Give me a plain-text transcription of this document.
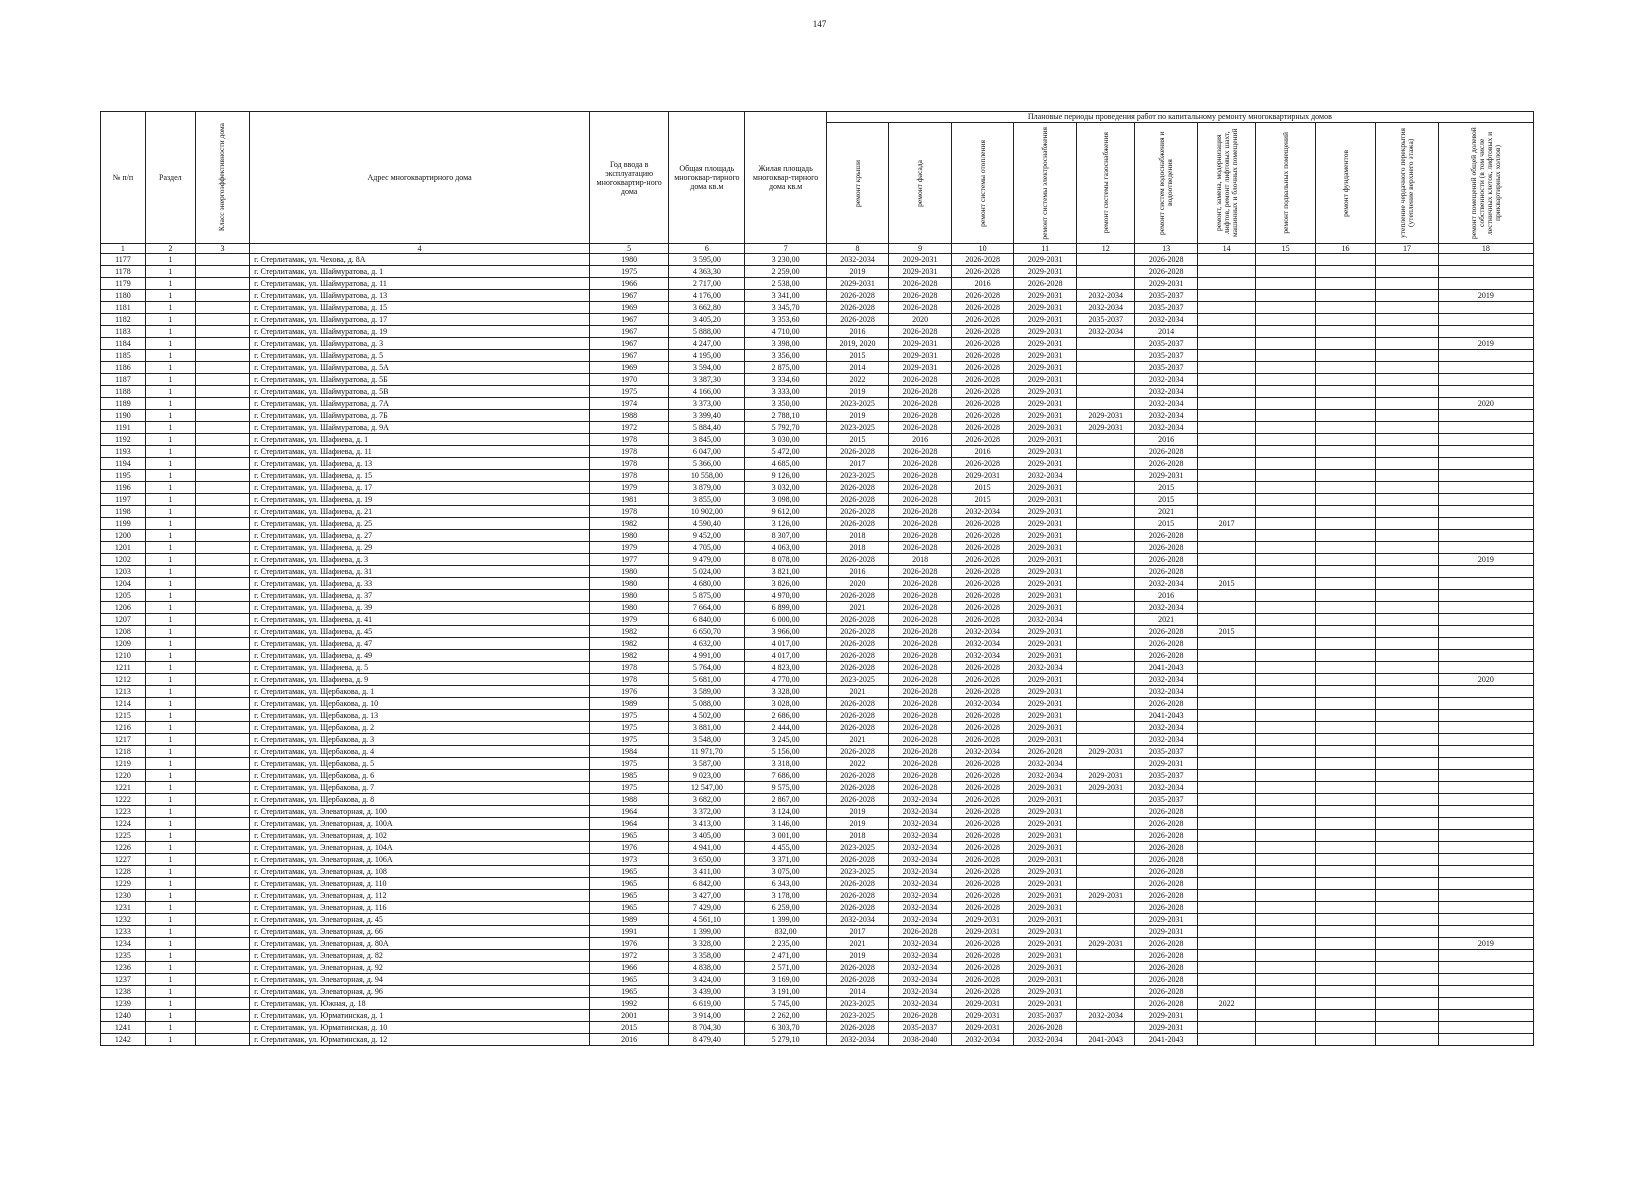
147
№ п/п	Раздел	Класс энергоэффективности дома	Адрес многоквартирного дома	Год ввода в эксплуатацию многоквартир-ного дома	Общая площадь многоквар-тирного дома кв.м	Жилая площадь многоквар-тирного дома кв.м	Плановые периоды проведения работ по капитальному ремонту многоквартирных домов										

							ремонт крыши	ремонт фасада	ремонт системы отопления	ремонт системы электроснабжения	ремонт системы газоснабжения	ремонт систем водоснабжения и водоотведения	ремонт, замена, модернизация лифтов, ремонт лифтовых шахт, машинных и блочных помещений	ремонт подвальных помещений	ремонт фундаментов	утепление чердачного перекрытия (утепление верхнего этажа)	ремонт помещений общей долевой собственности (в том числе лестничных клеток, лифтовых и приквартирных холлов)

1	2	3	4	5	6	7	8	9	10	11	12	13	14	15	16	17	18
1177	1		г. Стерлитамак, ул. Чехова, д. 8А	1980	3 595,00	3 230,00	2032-2034	2029-2031	2026-2028	2029-2031		2026-2028					
1178	1		г. Стерлитамак, ул. Шаймуратова, д. 1	1975	4 363,30	2 259,00	2019	2029-2031	2026-2028	2029-2031		2026-2028					
1179	1		г. Стерлитамак, ул. Шаймуратова, д. 11	1966	2 717,00	2 538,00	2029-2031	2026-2028	2016	2026-2028		2029-2031					
1180	1		г. Стерлитамак, ул. Шаймуратова, д. 13	1967	4 176,00	3 341,00	2026-2028	2026-2028	2026-2028	2029-2031	2032-2034	2035-2037					2019
1181	1		г. Стерлитамак, ул. Шаймуратова, д. 15	1969	3 662,80	3 345,70	2026-2028	2026-2028	2026-2028	2029-2031	2032-2034	2035-2037					
1182	1		г. Стерлитамак, ул. Шаймуратова, д. 17	1967	3 405,20	3 353,60	2026-2028	2020	2026-2028	2029-2031	2035-2037	2032-2034					
1183	1		г. Стерлитамак, ул. Шаймуратова, д. 19	1967	5 888,00	4 710,00	2016	2026-2028	2026-2028	2029-2031	2032-2034	2014					
1184	1		г. Стерлитамак, ул. Шаймуратова, д. 3	1967	4 247,00	3 398,00	2019, 2020	2029-2031	2026-2028	2029-2031		2035-2037					2019
1185	1		г. Стерлитамак, ул. Шаймуратова, д. 5	1967	4 195,00	3 356,00	2015	2029-2031	2026-2028	2029-2031		2035-2037					
1186	1		г. Стерлитамак, ул. Шаймуратова, д. 5А	1969	3 594,00	2 875,00	2014	2029-2031	2026-2028	2029-2031		2035-2037					
1187	1		г. Стерлитамак, ул. Шаймуратова, д. 5Б	1970	3 387,30	3 334,60	2022	2026-2028	2026-2028	2029-2031		2032-2034					
1188	1		г. Стерлитамак, ул. Шаймуратова, д. 5В	1975	4 166,00	3 333,00	2019	2026-2028	2026-2028	2029-2031		2032-2034					
1189	1		г. Стерлитамак, ул. Шаймуратова, д. 7А	1974	3 373,00	3 350,00	2023-2025	2026-2028	2026-2028	2029-2031		2032-2034					2020
1190	1		г. Стерлитамак, ул. Шаймуратова, д. 7Б	1988	3 399,40	2 788,10	2019	2026-2028	2026-2028	2029-2031	2029-2031	2032-2034					
1191	1		г. Стерлитамак, ул. Шаймуратова, д. 9А	1972	5 884,40	5 792,70	2023-2025	2026-2028	2026-2028	2029-2031	2029-2031	2032-2034					
1192	1		г. Стерлитамак, ул. Шафиева, д. 1	1978	3 845,00	3 030,00	2015	2016	2026-2028	2029-2031		2016					
1193	1		г. Стерлитамак, ул. Шафиева, д. 11	1978	6 047,00	5 472,00	2026-2028	2026-2028	2016	2029-2031		2026-2028					
1194	1		г. Стерлитамак, ул. Шафиева, д. 13	1978	5 366,00	4 685,00	2017	2026-2028	2026-2028	2029-2031		2026-2028					
1195	1		г. Стерлитамак, ул. Шафиева, д. 15	1978	10 558,00	9 126,00	2023-2025	2026-2028	2029-2031	2032-2034		2029-2031					
1196	1		г. Стерлитамак, ул. Шафиева, д. 17	1979	3 879,00	3 032,00	2026-2028	2026-2028	2015	2029-2031		2015					
1197	1		г. Стерлитамак, ул. Шафиева, д. 19	1981	3 855,00	3 098,00	2026-2028	2026-2028	2015	2029-2031		2015					
1198	1		г. Стерлитамак, ул. Шафиева, д. 21	1978	10 902,00	9 612,00	2026-2028	2026-2028	2032-2034	2029-2031		2021					
1199	1		г. Стерлитамак, ул. Шафиева, д. 25	1982	4 590,40	3 126,00	2026-2028	2026-2028	2026-2028	2029-2031		2015	2017				
1200	1		г. Стерлитамак, ул. Шафиева, д. 27	1980	9 452,00	8 307,00	2018	2026-2028	2026-2028	2029-2031		2026-2028					
1201	1		г. Стерлитамак, ул. Шафиева, д. 29	1979	4 705,00	4 063,00	2018	2026-2028	2026-2028	2029-2031		2026-2028					
1202	1		г. Стерлитамак, ул. Шафиева, д. 3	1977	9 479,00	8 078,00	2026-2028	2018	2026-2028	2029-2031		2026-2028					2019
1203	1		г. Стерлитамак, ул. Шафиева, д. 31	1980	5 024,00	3 821,00	2016	2026-2028	2026-2028	2029-2031		2026-2028					
1204	1		г. Стерлитамак, ул. Шафиева, д. 33	1980	4 680,00	3 826,00	2020	2026-2028	2026-2028	2029-2031		2032-2034	2015				
1205	1		г. Стерлитамак, ул. Шафиева, д. 37	1980	5 875,00	4 970,00	2026-2028	2026-2028	2026-2028	2029-2031		2016					
1206	1		г. Стерлитамак, ул. Шафиева, д. 39	1980	7 664,00	6 899,00	2021	2026-2028	2026-2028	2029-2031		2032-2034					
1207	1		г. Стерлитамак, ул. Шафиева, д. 41	1979	6 840,00	6 000,00	2026-2028	2026-2028	2026-2028	2032-2034		2021					
1208	1		г. Стерлитамак, ул. Шафиева, д. 45	1982	6 650,70	3 966,00	2026-2028	2026-2028	2032-2034	2029-2031		2026-2028	2015				
1209	1		г. Стерлитамак, ул. Шафиева, д. 47	1982	4 632,00	4 017,00	2026-2028	2026-2028	2032-2034	2029-2031		2026-2028					
1210	1		г. Стерлитамак, ул. Шафиева, д. 49	1982	4 991,00	4 017,00	2026-2028	2026-2028	2032-2034	2029-2031		2026-2028					
1211	1		г. Стерлитамак, ул. Шафиева, д. 5	1978	5 764,00	4 823,00	2026-2028	2026-2028	2026-2028	2032-2034		2041-2043					
1212	1		г. Стерлитамак, ул. Шафиева, д. 9	1978	5 681,00	4 770,00	2023-2025	2026-2028	2026-2028	2029-2031		2032-2034					2020
1213	1		г. Стерлитамак, ул. Щербакова, д. 1	1976	3 589,00	3 328,00	2021	2026-2028	2026-2028	2029-2031		2032-2034					
1214	1		г. Стерлитамак, ул. Щербакова, д. 10	1989	5 088,00	3 028,00	2026-2028	2026-2028	2032-2034	2029-2031		2026-2028					
1215	1		г. Стерлитамак, ул. Щербакова, д. 13	1975	4 502,00	2 686,00	2026-2028	2026-2028	2026-2028	2029-2031		2041-2043					
1216	1		г. Стерлитамак, ул. Щербакова, д. 2	1975	3 881,00	2 444,00	2026-2028	2026-2028	2026-2028	2029-2031		2032-2034					
1217	1		г. Стерлитамак, ул. Щербакова, д. 3	1975	3 548,00	3 245,00	2021	2026-2028	2026-2028	2029-2031		2032-2034					
1218	1		г. Стерлитамак, ул. Щербакова, д. 4	1984	11 971,70	5 156,00	2026-2028	2026-2028	2032-2034	2026-2028	2029-2031	2035-2037					
1219	1		г. Стерлитамак, ул. Щербакова, д. 5	1975	3 587,00	3 318,00	2022	2026-2028	2026-2028	2032-2034		2029-2031					
1220	1		г. Стерлитамак, ул. Щербакова, д. 6	1985	9 023,00	7 686,00	2026-2028	2026-2028	2026-2028	2032-2034	2029-2031	2035-2037					
1221	1		г. Стерлитамак, ул. Щербакова, д. 7	1975	12 547,00	9 575,00	2026-2028	2026-2028	2026-2028	2029-2031	2029-2031	2032-2034					
1222	1		г. Стерлитамак, ул. Щербакова, д. 8	1988	3 682,00	2 867,00	2026-2028	2032-2034	2026-2028	2029-2031		2035-2037					
1223	1		г. Стерлитамак, ул. Элеваторная, д. 100	1964	3 372,00	3 124,00	2019	2032-2034	2026-2028	2029-2031		2026-2028					
1224	1		г. Стерлитамак, ул. Элеваторная, д. 100А	1964	3 413,00	3 146,00	2019	2032-2034	2026-2028	2029-2031		2026-2028					
1225	1		г. Стерлитамак, ул. Элеваторная, д. 102	1965	3 405,00	3 001,00	2018	2032-2034	2026-2028	2029-2031		2026-2028					
1226	1		г. Стерлитамак, ул. Элеваторная, д. 104А	1976	4 941,00	4 455,00	2023-2025	2032-2034	2026-2028	2029-2031		2026-2028					
1227	1		г. Стерлитамак, ул. Элеваторная, д. 106А	1973	3 650,00	3 371,00	2026-2028	2032-2034	2026-2028	2029-2031		2026-2028					
1228	1		г. Стерлитамак, ул. Элеваторная, д. 108	1965	3 411,00	3 075,00	2023-2025	2032-2034	2026-2028	2029-2031		2026-2028					
1229	1		г. Стерлитамак, ул. Элеваторная, д. 110	1965	6 842,00	6 343,00	2026-2028	2032-2034	2026-2028	2029-2031		2026-2028					
1230	1		г. Стерлитамак, ул. Элеваторная, д. 112	1965	3 427,00	3 178,00	2026-2028	2032-2034	2026-2028	2029-2031	2029-2031	2026-2028					
1231	1		г. Стерлитамак, ул. Элеваторная, д. 116	1965	7 429,00	6 259,00	2026-2028	2032-2034	2026-2028	2029-2031		2026-2028					
1232	1		г. Стерлитамак, ул. Элеваторная, д. 45	1989	4 561,10	1 399,00	2032-2034	2032-2034	2029-2031	2029-2031		2029-2031					
1233	1		г. Стерлитамак, ул. Элеваторная, д. 66	1991	1 399,00	832,00	2017	2026-2028	2029-2031	2029-2031		2029-2031					
1234	1		г. Стерлитамак, ул. Элеваторная, д. 80А	1976	3 328,00	2 235,00	2021	2032-2034	2026-2028	2029-2031	2029-2031	2026-2028					2019
1235	1		г. Стерлитамак, ул. Элеваторная, д. 82	1972	3 358,00	2 471,00	2019	2032-2034	2026-2028	2029-2031		2026-2028					
1236	1		г. Стерлитамак, ул. Элеваторная, д. 92	1966	4 838,00	2 571,00	2026-2028	2032-2034	2026-2028	2029-2031		2026-2028					
1237	1		г. Стерлитамак, ул. Элеваторная, д. 94	1965	3 424,00	3 169,00	2026-2028	2032-2034	2026-2028	2029-2031		2026-2028					
1238	1		г. Стерлитамак, ул. Элеваторная, д. 96	1965	3 439,00	3 191,00	2014	2032-2034	2026-2028	2029-2031		2026-2028					
1239	1		г. Стерлитамак, ул. Южная, д. 18	1992	6 619,00	5 745,00	2023-2025	2032-2034	2029-2031	2029-2031		2026-2028	2022				
1240	1		г. Стерлитамак, ул. Юрматинская, д. 1	2001	3 914,00	2 262,00	2023-2025	2026-2028	2029-2031	2035-2037	2032-2034	2029-2031					
1241	1		г. Стерлитамак, ул. Юрматинская, д. 10	2015	8 704,30	6 303,70	2026-2028	2035-2037	2029-2031	2026-2028		2029-2031					
1242	1		г. Стерлитамак, ул. Юрматинская, д. 12	2016	8 479,40	5 279,10	2032-2034	2038-2040	2032-2034	2032-2034	2041-2043	2041-2043					
